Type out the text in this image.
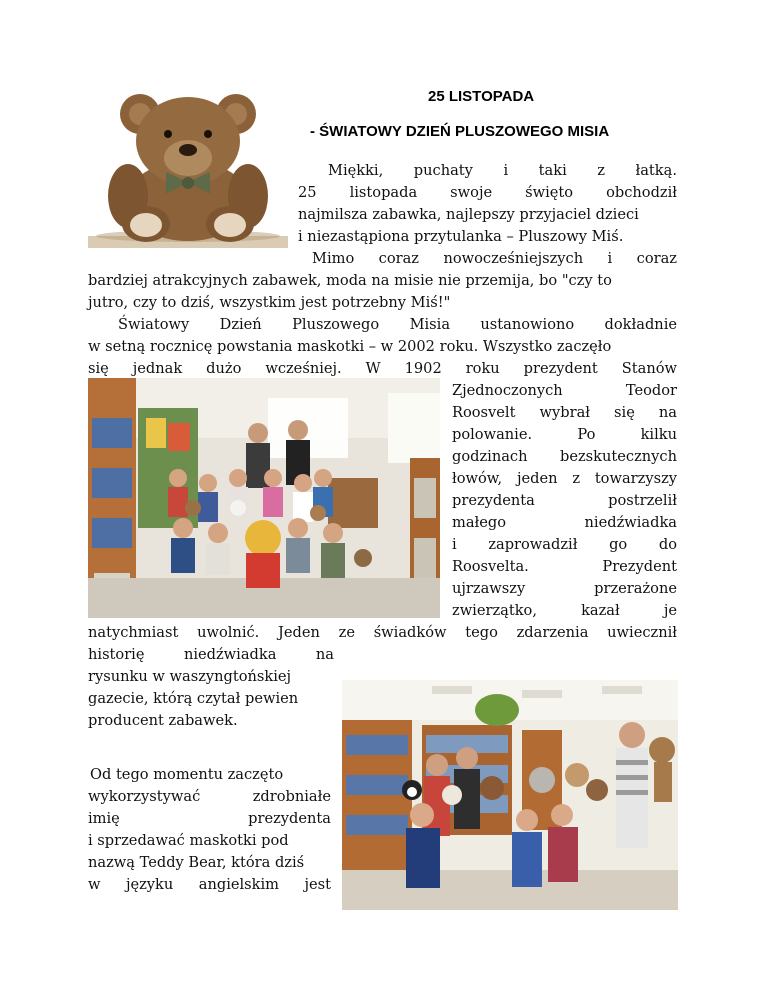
25 LISTOPADA
- ŚWIATOWY DZIEŃ PLUSZOWEGO MISIA
Miękki, puchaty i taki z łatką.
25 listopada swoje święto obchodził
najmilsza zabawka, najlepszy przyjaciel dzieci
i niezastąpiona przytulanka – Pluszowy Miś.
Mimo coraz nowocześniejszych i coraz
bardziej atrakcyjnych zabawek, moda na misie nie przemija, bo "czy to
jutro, czy to dziś, wszystkim jest potrzebny Miś!"
Światowy Dzień Pluszowego Misia ustanowiono dokładnie
w setną rocznicę powstania maskotki – w 2002 roku. Wszystko zaczęło
się jednak dużo wcześniej. W 1902 roku prezydent Stanów
Zjednoczonych Teodor
Roosvelt wybrał się na
polowanie. Po kilku
godzinach bezskutecznych
łowów, jeden z towarzyszy
prezydenta postrzelił
małego niedźwiadka
i zaprowadził go do
Roosvelta. Prezydent
ujrzawszy przerażone
zwierzątko, kazał je
natychmiast uwolnić. Jeden ze świadków tego zdarzenia uwiecznił
historię niedźwiadka na
rysunku w waszyngtońskiej
gazecie, którą czytał pewien
producent zabawek.
Od tego momentu zaczęto
wykorzystywać zdrobniałe
imię prezydenta
i sprzedawać maskotki pod
nazwą Teddy Bear, która dziś
w języku angielskim jest
